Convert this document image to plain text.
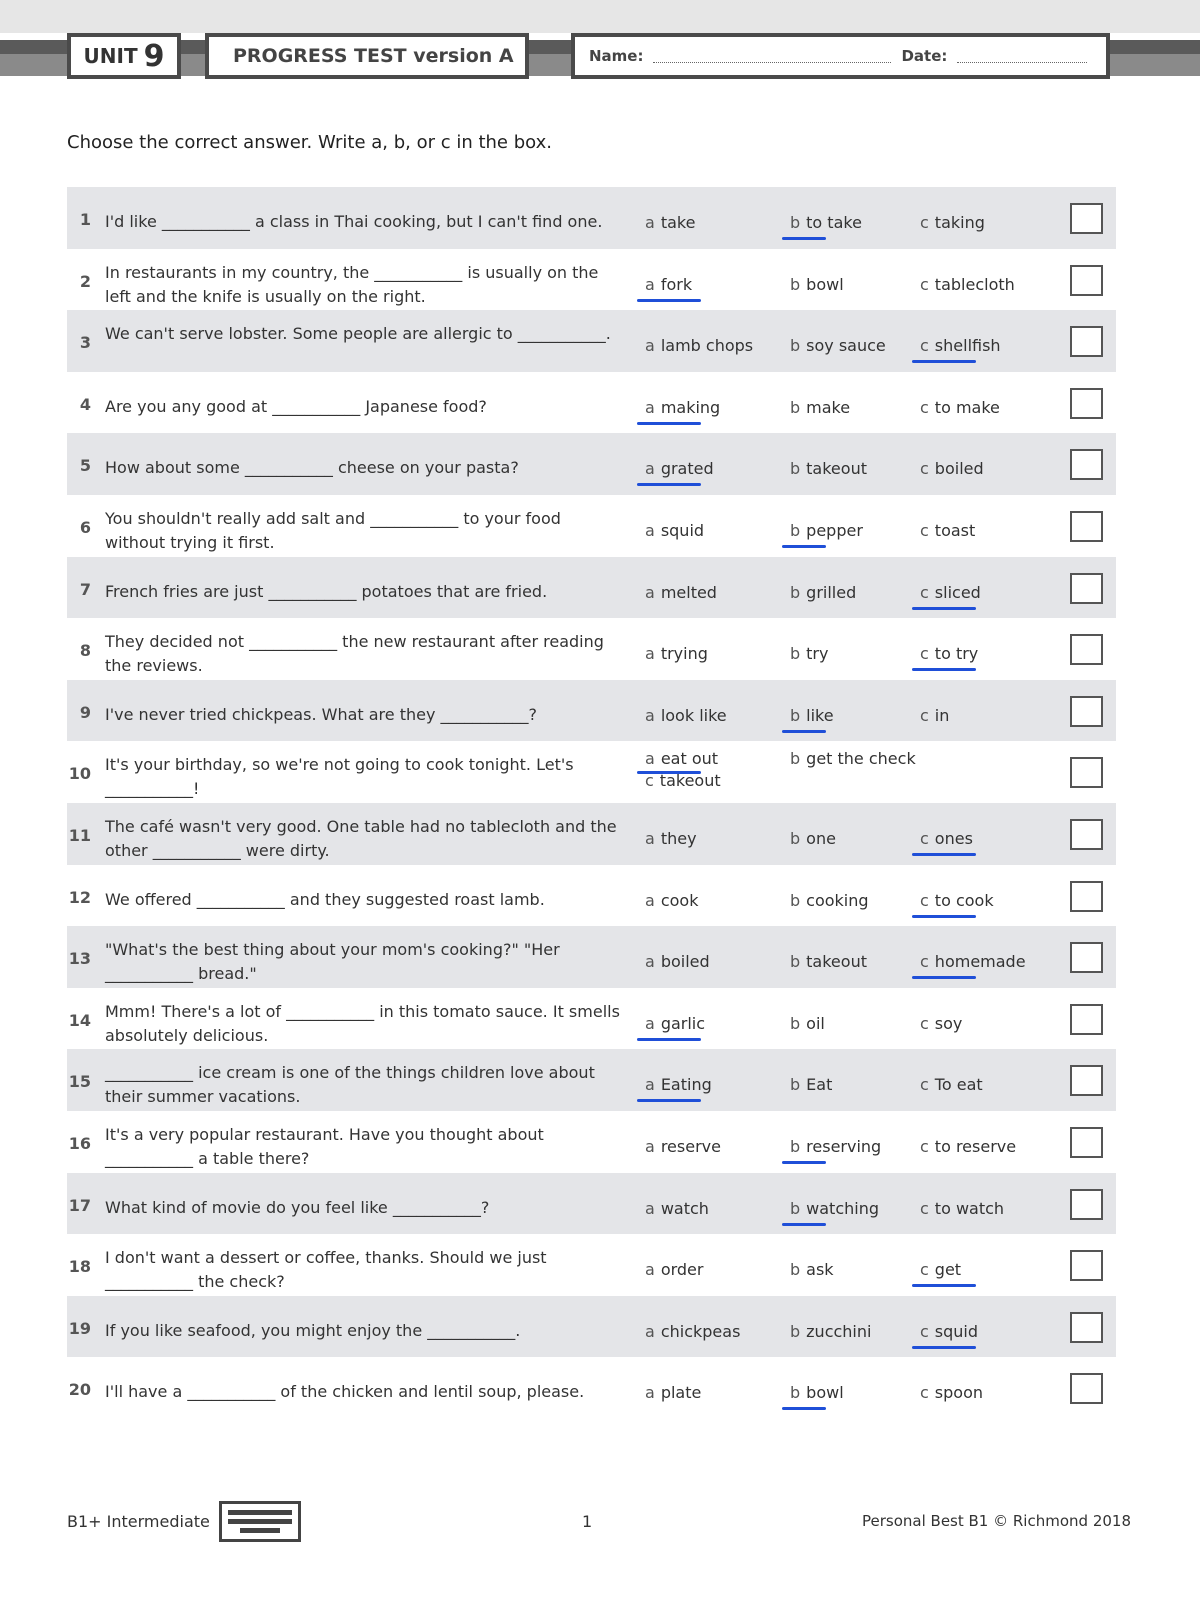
UNIT 9	PROGRESS TEST version A	Name:	Date:
Choose the correct answer. Write a, b, or c in the box.
1 I'd like ___________ a class in Thai cooking, but I can't find one.	a take	b to take	c taking
2 In restaurants in my country, the ___________ is usually on the left and the knife is usually on the right.
a fork	b bowl	c tablecloth
3 We can't serve lobster. Some people are allergic to ___________.
a lamb chops b soy sauce c shellfish
4 Are you any good at ___________ Japanese food?	a making	b make	c to make
5 How about some ___________ cheese on your pasta?	a grated	b takeout	c boiled
6 You shouldn't really add salt and ___________ to your food without trying it first.
a squid	b pepper	c toast
7 French fries are just ___________ potatoes that are fried.	a melted	b grilled	c sliced
8 They decided not ___________ the new restaurant after reading the reviews.
a trying	b try	c to try
9 I've never tried chickpeas. What are they ___________?	a look like	b like	c in
10 It's your birthday, so we're not going to cook tonight. Let's ___________!
a eat out	b get the check
c takeout
11 The café wasn't very good. One table had no tablecloth and the other ___________ were dirty.
a they	b one	c ones
12 We offered ___________ and they suggested roast lamb.	a cook	b cooking	c to cook
13 "What's the best thing about your mom's cooking?" "Her ___________ bread."
a boiled	b takeout	c homemade
14 Mmm! There's a lot of ___________ in this tomato sauce. It smells absolutely delicious.
a garlic	b oil	c soy
15 ___________ ice cream is one of the things children love about their summer vacations.
a Eating	b Eat	c To eat
16 It's a very popular restaurant. Have you thought about ___________ a table there?
a reserve	b reserving c to reserve
17 What kind of movie do you feel like ___________?	a watch	b watching	c to watch
18 I don't want a dessert or coffee, thanks. Should we just ___________ the check?
a order	b ask	c get
19 If you like seafood, you might enjoy the ___________.	a chickpeas	b zucchini	c squid
20 I'll have a ___________ of the chicken and lentil soup, please.	a plate	b bowl	c spoon
B1+ Intermediate	1	Personal Best B1 © Richmond 2018
